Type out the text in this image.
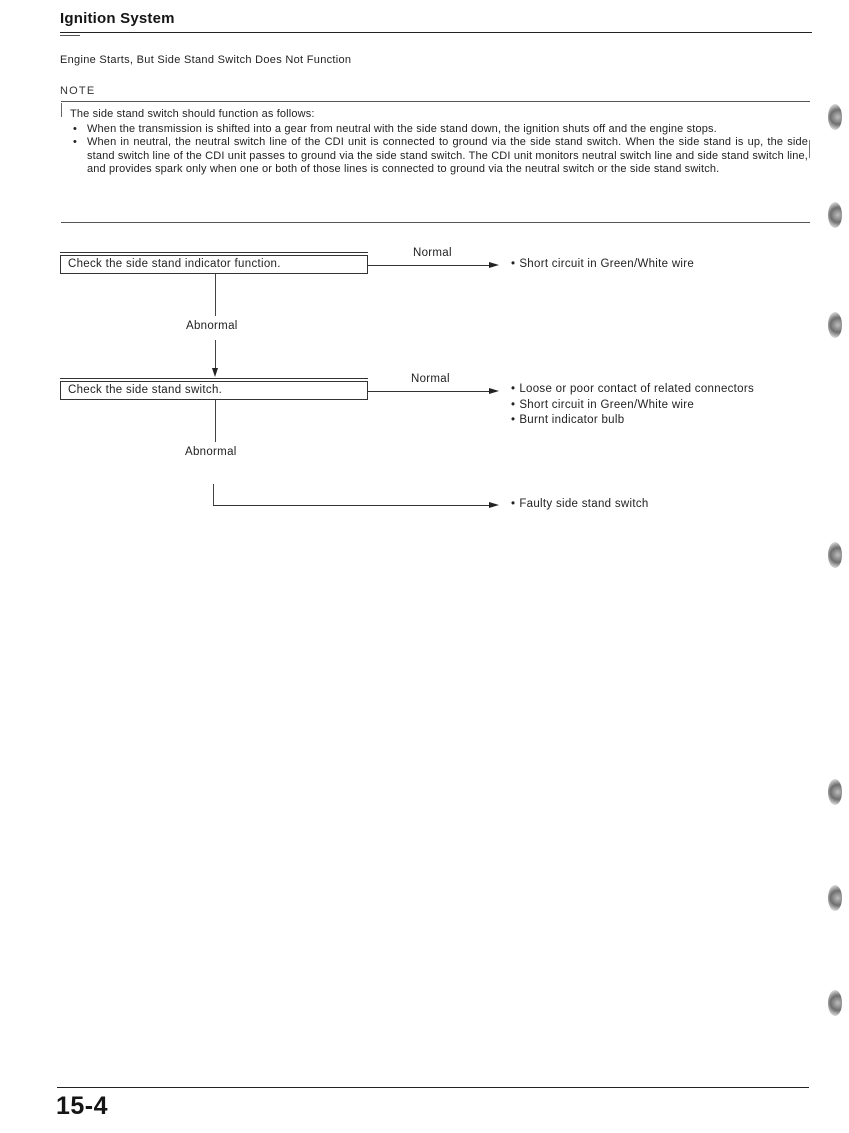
Ignition System
Engine Starts, But Side Stand Switch Does Not Function
NOTE

The side stand switch should function as follows:

• When the transmission is shifted into a gear from neutral with the side stand down, the ignition shuts off and the engine stops.
• When in neutral, the neutral switch line of the CDI unit is connected to ground via the side stand switch. When the side stand is up, the side stand switch line of the CDI unit passes to ground via the side stand switch. The CDI unit monitors neutral switch line and side stand switch line, and provides spark only when one or both of those lines is connected to ground via the neutral switch or the side stand switch.
Check the side stand indicator function.
Normal
• Short circuit in Green/White wire
Abnormal
Check the side stand switch.
Normal
• Loose or poor contact of related connectors
• Short circuit in Green/White wire
• Burnt indicator bulb
Abnormal
• Faulty side stand switch
15-4
